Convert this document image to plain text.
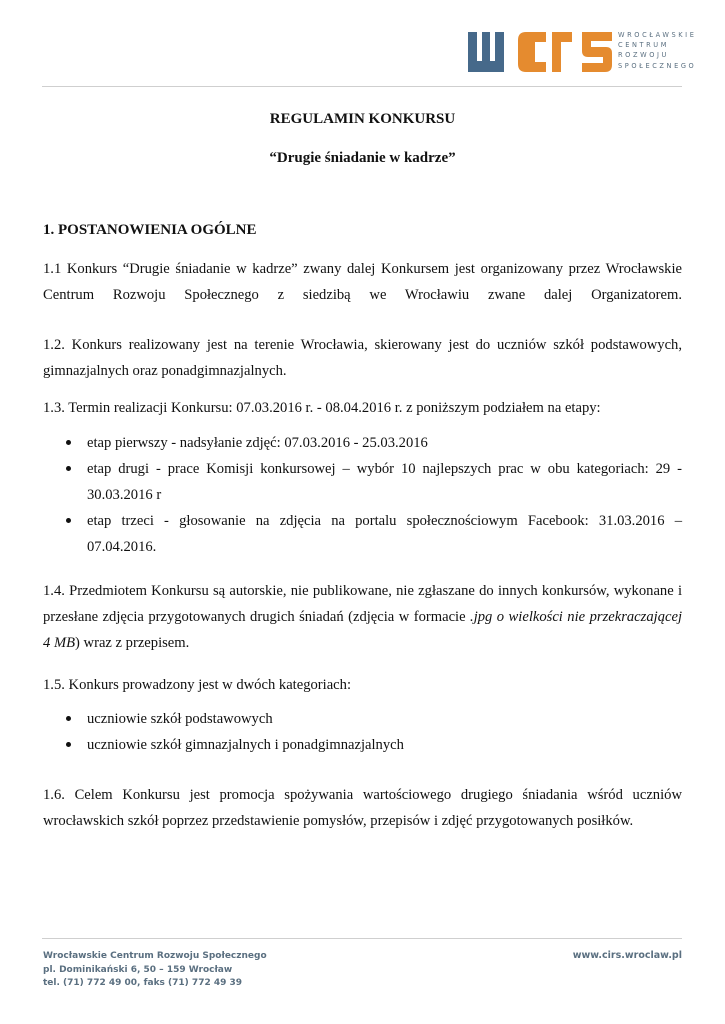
WROCŁAWSKIE
CENTRUM
ROZWOJU
SPOŁECZNEGO
REGULAMIN KONKURSU
“Drugie śniadanie w kadrze”
1. POSTANOWIENIA OGÓLNE
1.1 Konkurs “Drugie śniadanie w kadrze” zwany dalej Konkursem jest organizowany przez Wrocławskie
Centrum Rozwoju Społecznego z siedzibą we Wrocławiu zwane dalej Organizatorem.
1.2. Konkurs realizowany jest na terenie Wrocławia, skierowany jest do uczniów szkół podstawowych,
gimnazjalnych oraz ponadgimnazjalnych.
1.3. Termin realizacji Konkursu: 07.03.2016 r. - 08.04.2016 r. z poniższym podziałem na etapy:
etap pierwszy - nadsyłanie zdjęć: 07.03.2016 - 25.03.2016
etap drugi - prace Komisji konkursowej – wybór 10 najlepszych prac w obu kategoriach: 29 -
30.03.2016 r
etap trzeci - głosowanie na zdjęcia na portalu społecznościowym Facebook: 31.03.2016 –
07.04.2016.
1.4. Przedmiotem Konkursu są autorskie, nie publikowane, nie zgłaszane do innych konkursów, wykonane i
przesłane zdjęcia przygotowanych drugich śniadań (zdjęcia w formacie .jpg o wielkości nie przekraczającej
4 MB) wraz z przepisem.
1.5. Konkurs prowadzony jest w dwóch kategoriach:
uczniowie szkół podstawowych
uczniowie szkół gimnazjalnych i ponadgimnazjalnych
1.6. Celem Konkursu jest promocja spożywania wartościowego drugiego śniadania wśród uczniów
wrocławskich szkół poprzez przedstawienie pomysłów, przepisów i zdjęć przygotowanych posiłków.
Wrocławskie Centrum Rozwoju Społecznego
pl. Dominikański 6, 50 – 159 Wrocław
tel. (71) 772 49 00, faks (71) 772 49 39
www.cirs.wroclaw.pl
